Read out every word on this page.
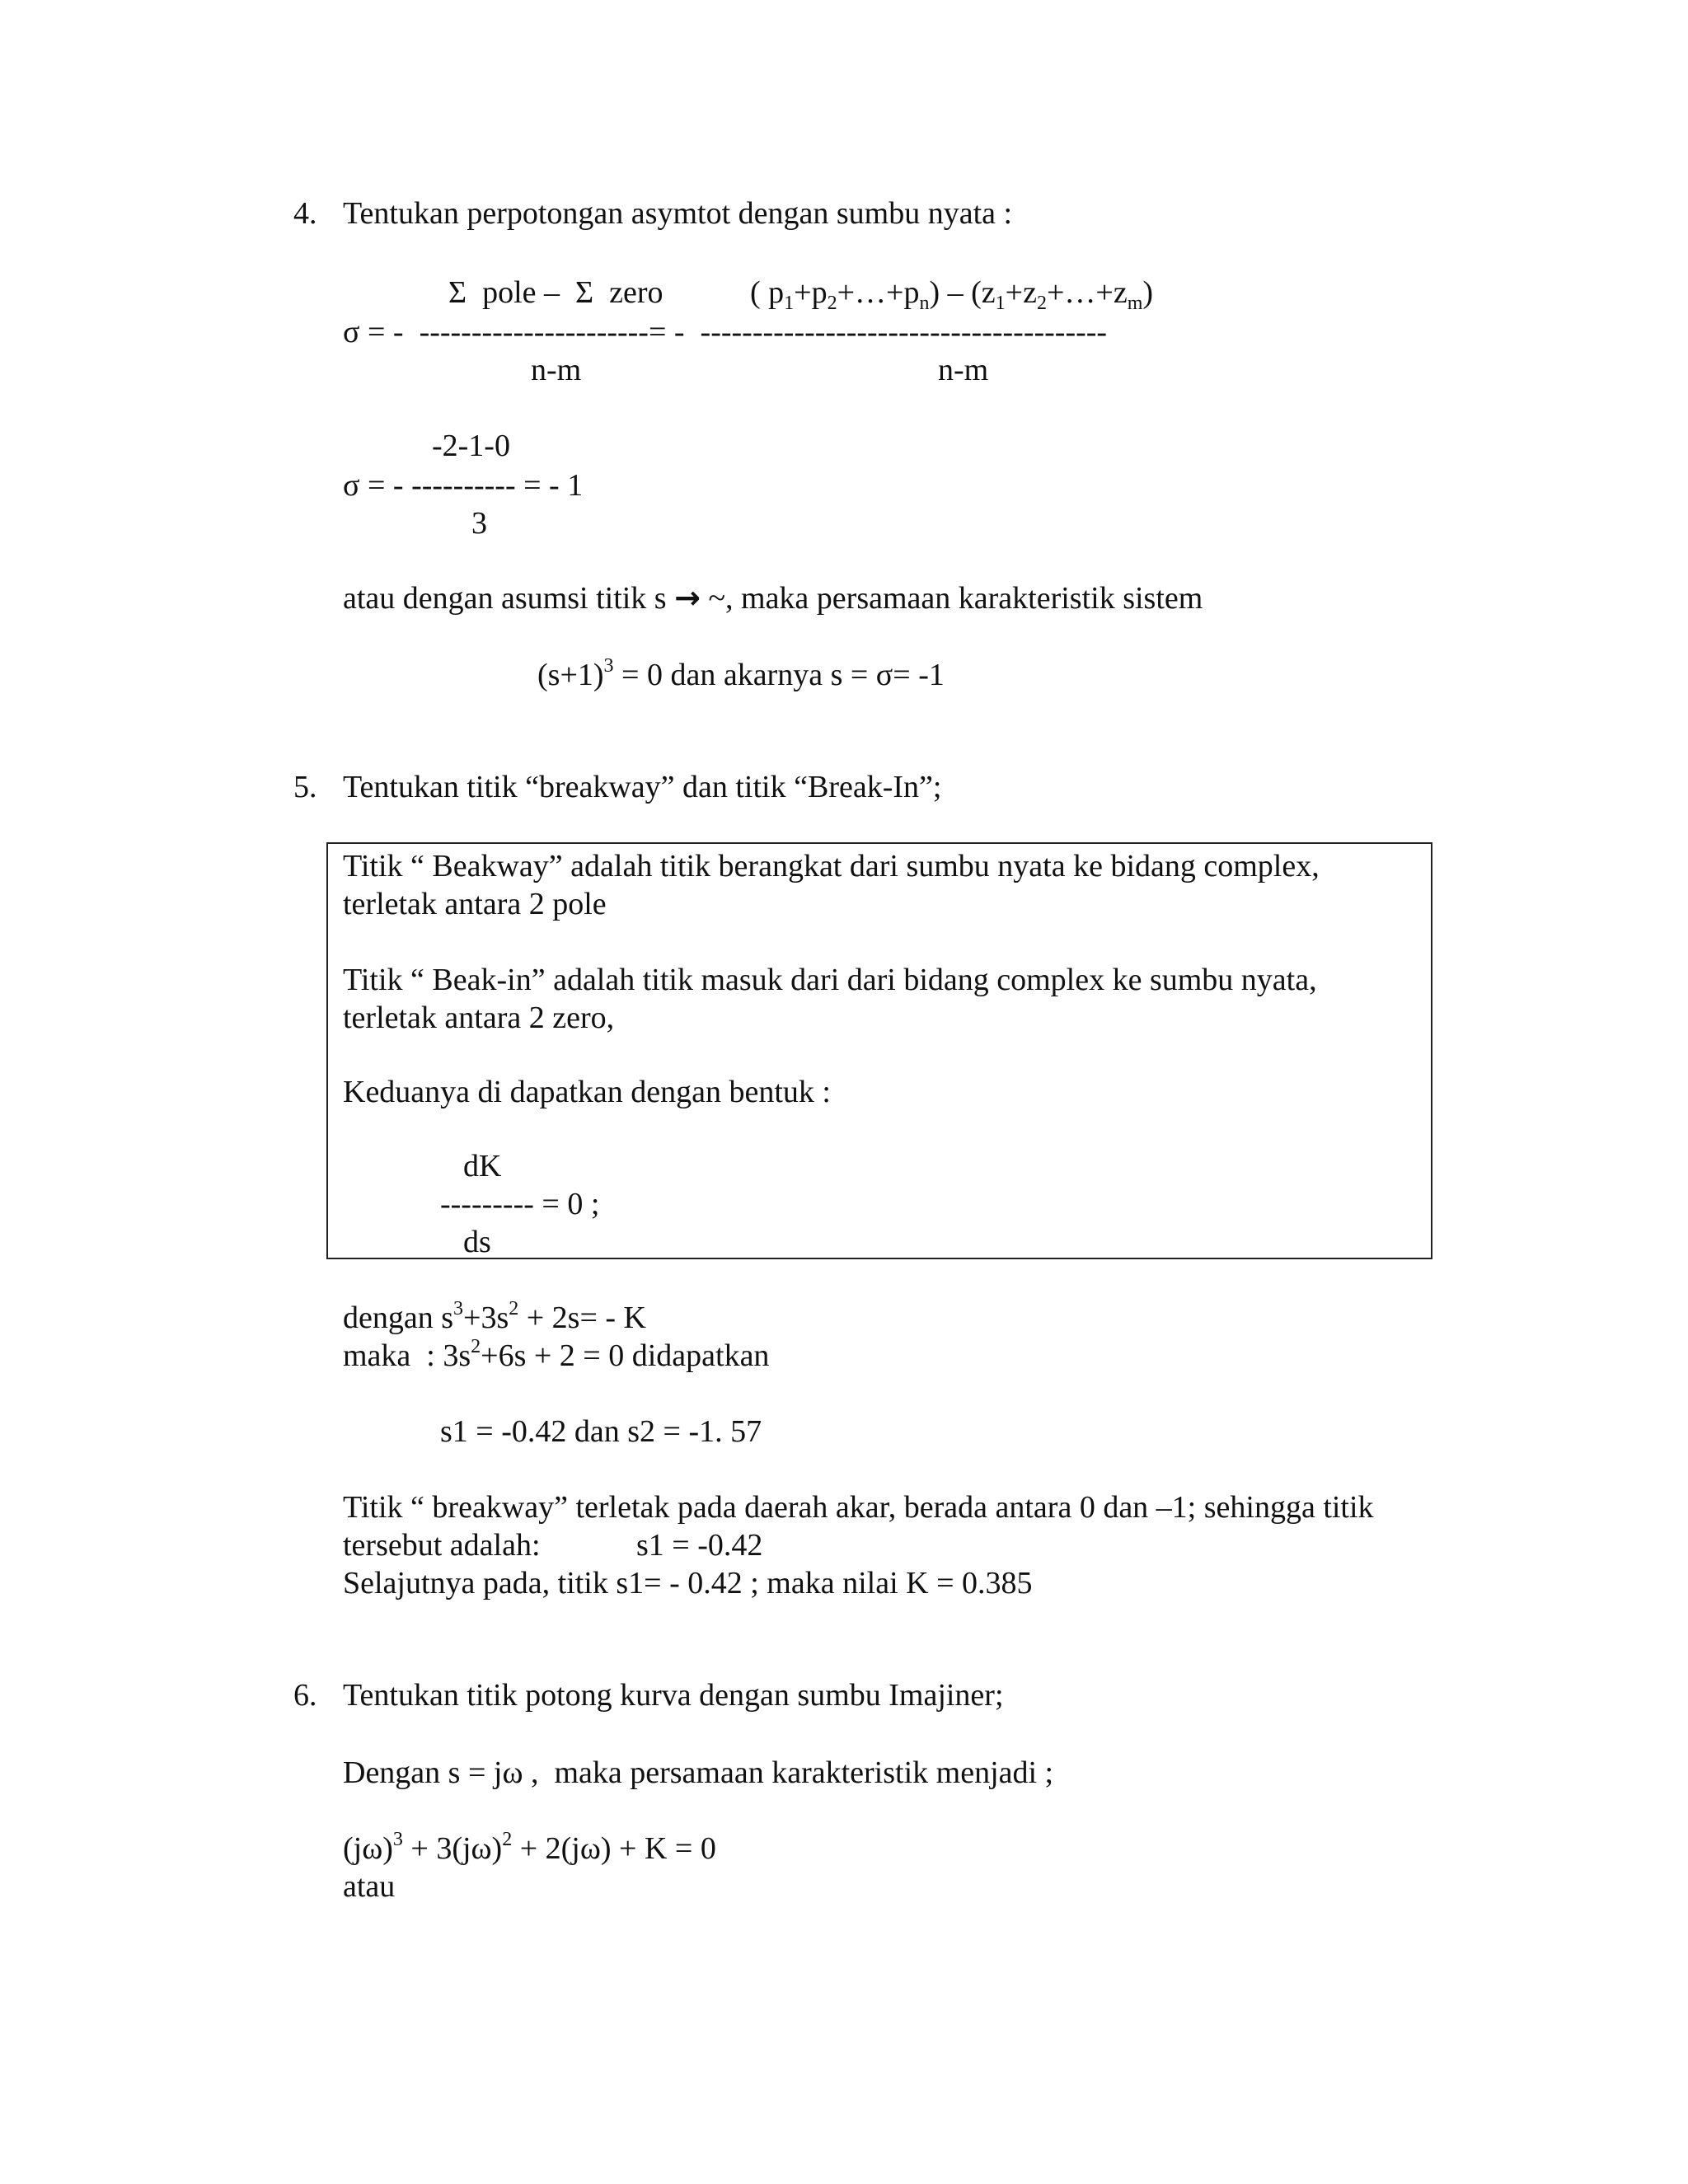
4. Tentukan perpotongan asymtot dengan sumbu nyata :
Σ  pole –  Σ  zero	( $p_1+p_2+\dots+p_n$) – $(z_1+z_2+\dots+z_m)$
σ = -  ----------------------= -  ---------------------------------------
n-m	n-m
-2-1-0
σ = - ---------- = - 1
3
atau dengan asumsi titik s → ~, maka persamaan karakteristik sistem
$(s+1)^3 = 0$ dan akarnya s = σ= -1
5. Tentukan titik “breakway” dan titik “Break-In”;
Titik “ Beakway” adalah titik berangkat dari sumbu nyata ke bidang complex,
terletak antara 2 pole
Titik “ Beak-in” adalah titik masuk dari dari bidang complex ke sumbu nyata,
terletak antara 2 zero,
Keduanya di dapatkan dengan bentuk :
dK
--------- = 0 ;
ds
dengan $s^3+3s^2 + 2s= - K$
maka  : $3s^2+6s + 2 = 0$ didapatkan
s1 = -0.42 dan s2 = -1. 57
Titik “ breakway” terletak pada daerah akar, berada antara 0 dan –1; sehingga titik
tersebut adalah:	s1 = -0.42
Selajutnya pada, titik s1= - 0.42 ; maka nilai K = 0.385
6. Tentukan titik potong kurva dengan sumbu Imajiner;
Dengan s = jω ,  maka persamaan karakteristik menjadi ;
$(j\omega)^3 + 3(j\omega)^2 + 2(j\omega) + K = 0$
atau
